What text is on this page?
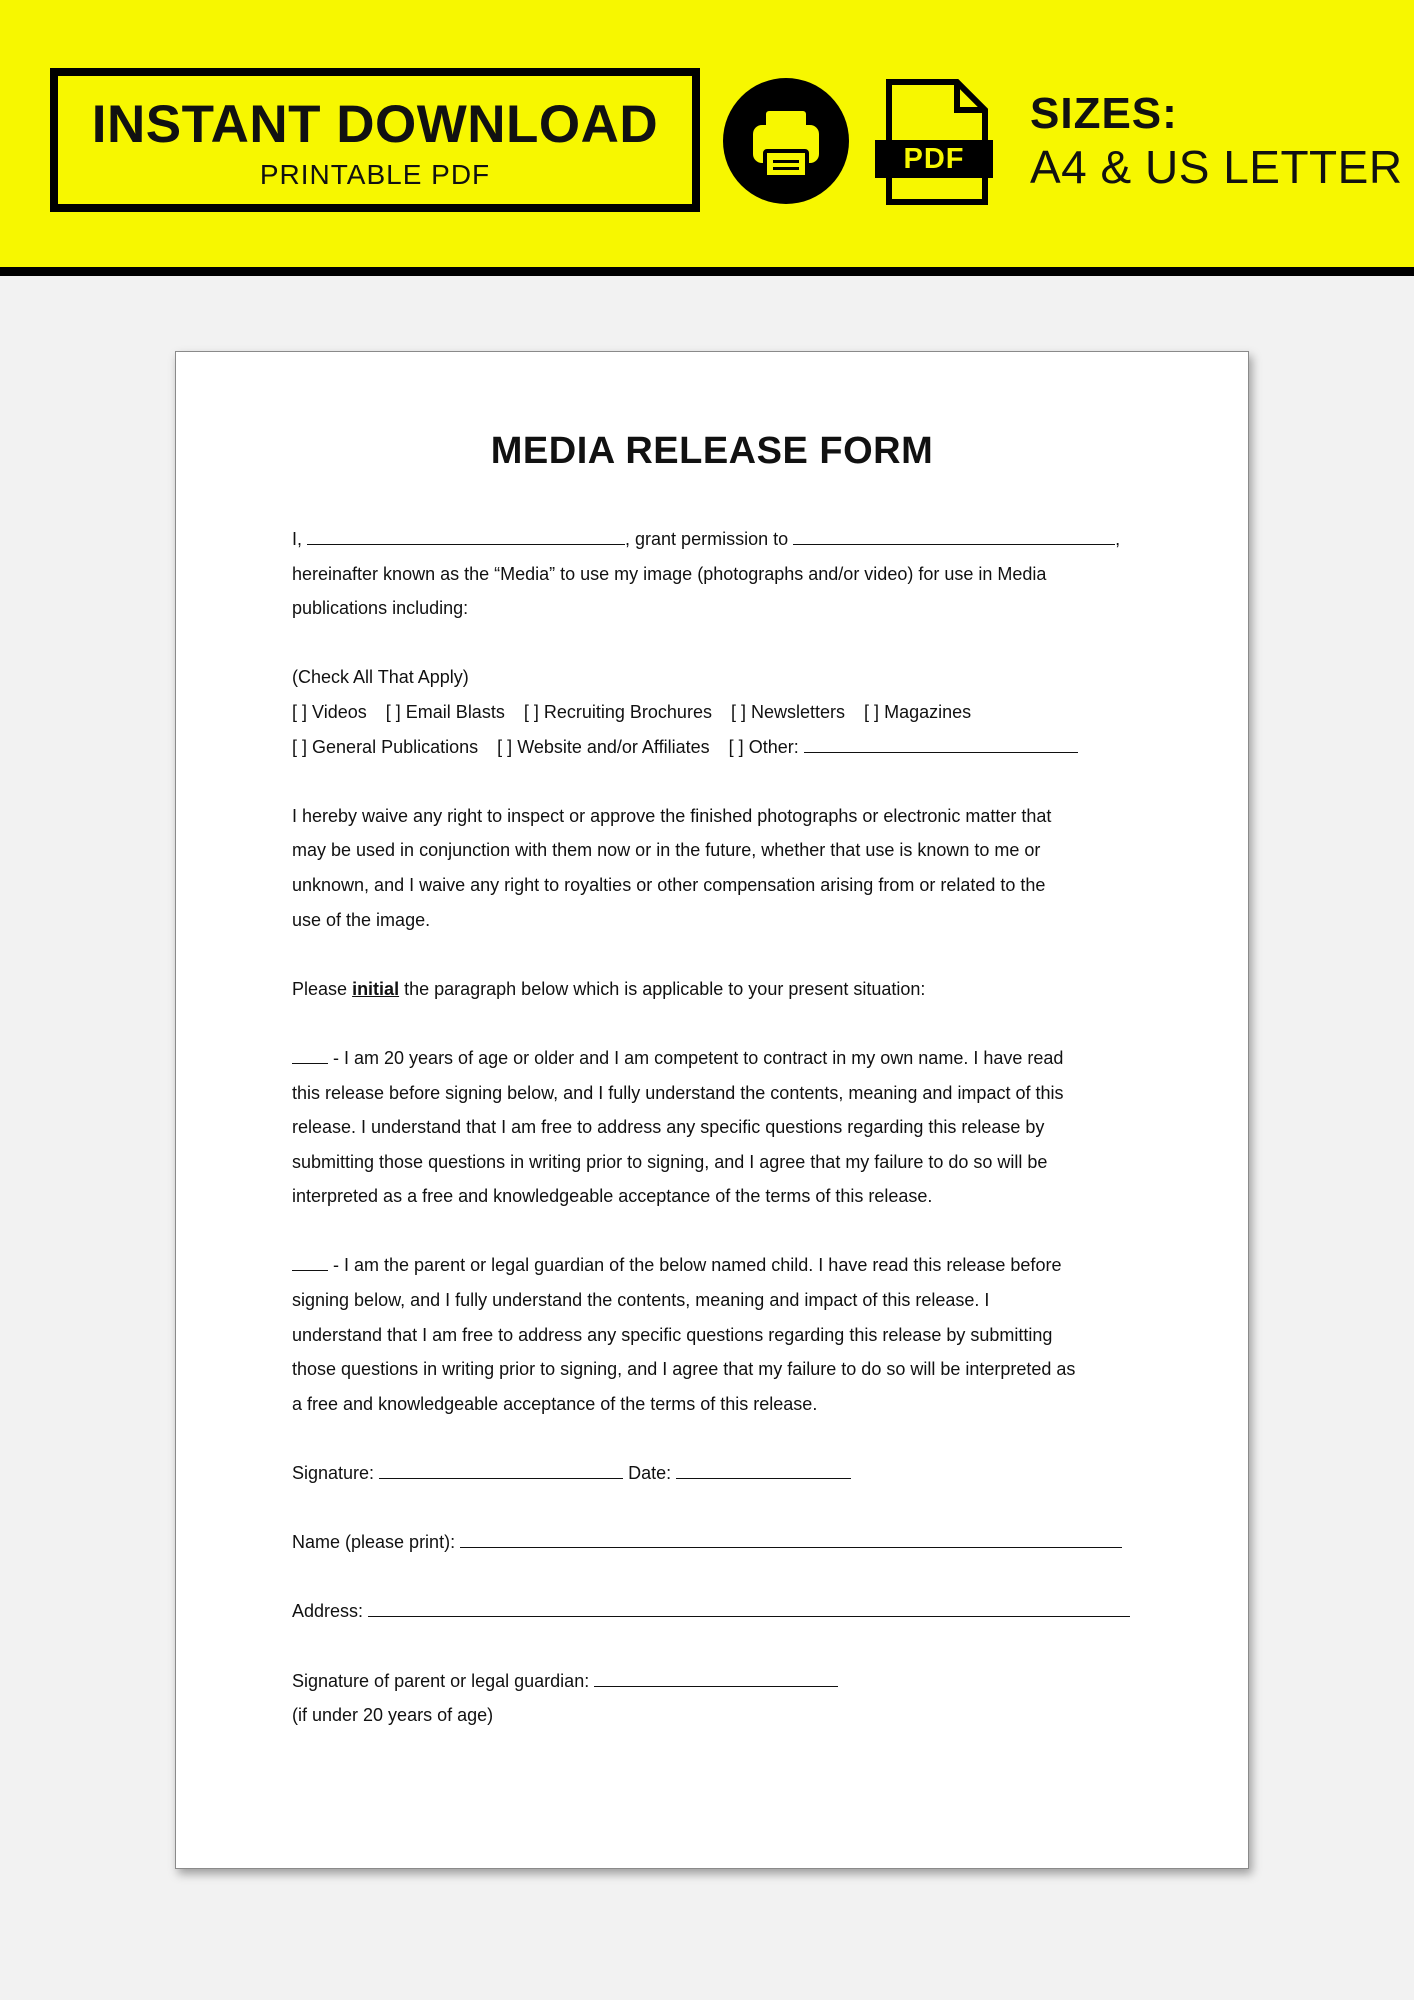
INSTANT DOWNLOAD
PRINTABLE PDF	PDF
SIZES:
A4 & US LETTER
MEDIA RELEASE FORM

I,	, grant permission to	,

hereinafter known as the “Media” to use my image (photographs and/or video) for use in Media

publications including:

(Check All That Apply)

[ ] Videos [ ] Email Blasts [ ] Recruiting Brochures [ ] Newsletters [ ] Magazines

[ ] General Publications [ ] Website and/or Affiliates [ ] Other:

I hereby waive any right to inspect or approve the finished photographs or electronic matter that

may be used in conjunction with them now or in the future, whether that use is known to me or

unknown, and I waive any right to royalties or other compensation arising from or related to the

use of the image.

Please initial the paragraph below which is applicable to your present situation:

- I am 20 years of age or older and I am competent to contract in my own name. I have read

this release before signing below, and I fully understand the contents, meaning and impact of this

release. I understand that I am free to address any specific questions regarding this release by

submitting those questions in writing prior to signing, and I agree that my failure to do so will be

interpreted as a free and knowledgeable acceptance of the terms of this release.

- I am the parent or legal guardian of the below named child. I have read this release before

signing below, and I fully understand the contents, meaning and impact of this release. I

understand that I am free to address any specific questions regarding this release by submitting

those questions in writing prior to signing, and I agree that my failure to do so will be interpreted as

a free and knowledgeable acceptance of the terms of this release.

Signature:	Date:

Name (please print):

Address:

Signature of parent or legal guardian:

(if under 20 years of age)
